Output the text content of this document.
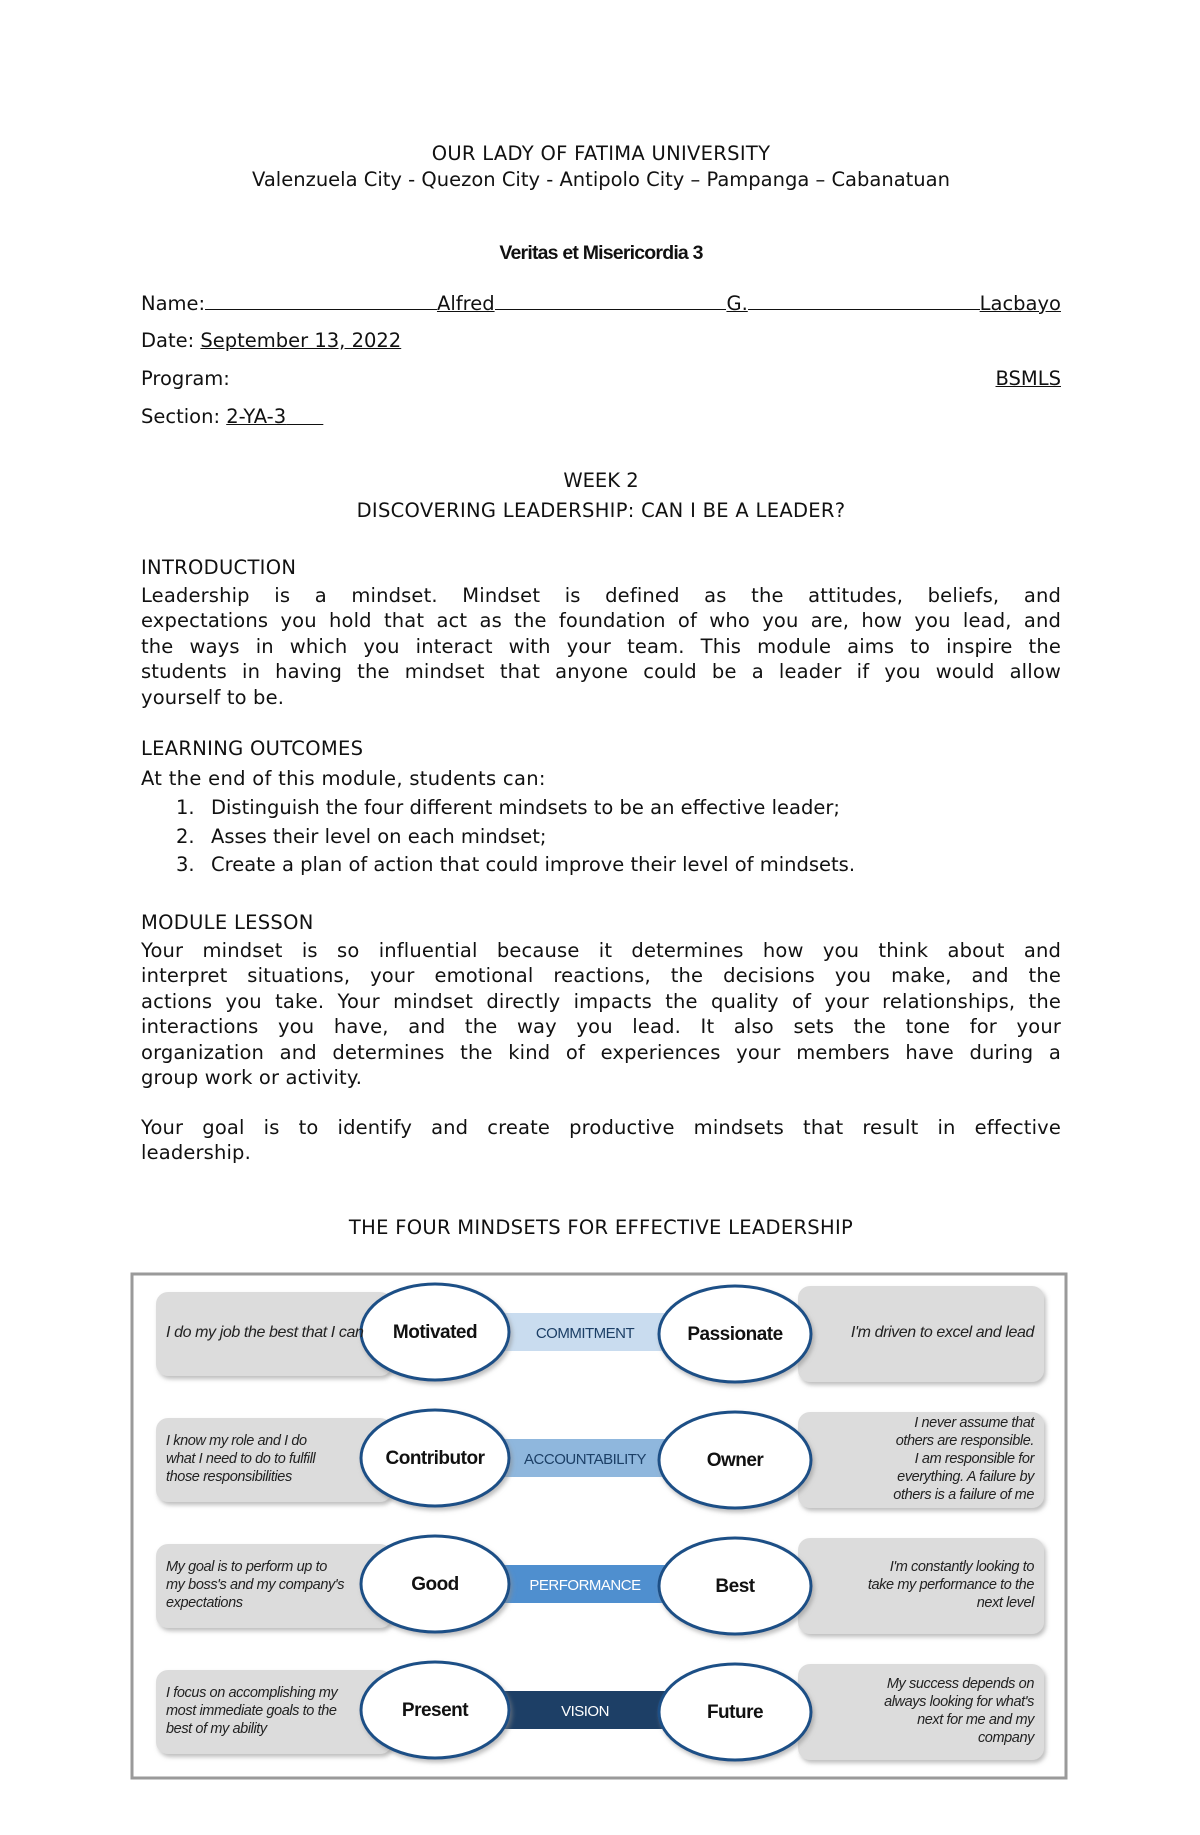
OUR LADY OF FATIMA UNIVERSITY
Valenzuela City - Quezon City - Antipolo City – Pampanga – Cabanatuan
Veritas et Misericordia 3
Name:	Alfred	G.	Lacbayo
Date: September 13, 2022
Program:	BSMLS
Section: 2-YA-3
WEEK 2
DISCOVERING LEADERSHIP: CAN I BE A LEADER?
INTRODUCTION
Leadership is a mindset. Mindset is defined as the attitudes, beliefs, and
expectations you hold that act as the foundation of who you are, how you lead, and
the ways in which you interact with your team. This module aims to inspire the
students in having the mindset that anyone could be a leader if you would allow
yourself to be.
LEARNING OUTCOMES
At the end of this module, students can:
1. Distinguish the four different mindsets to be an effective leader;
2. Asses their level on each mindset;
3. Create a plan of action that could improve their level of mindsets.
MODULE LESSON
Your mindset is so influential because it determines how you think about and
interpret situations, your emotional reactions, the decisions you make, and the
actions you take. Your mindset directly impacts the quality of your relationships, the
interactions you have, and the way you lead. It also sets the tone for your
organization and determines the kind of experiences your members have during a
group work or activity.
Your goal is to identify and create productive mindsets that result in effective
leadership.
THE FOUR MINDSETS FOR EFFECTIVE LEADERSHIP
COMMITMENT
Motivated	Passionate
I do my job the best that I can	I'm driven to excel and lead
ACCOUNTABILITY
Contributor	Owner
I know my role and I do
what I need to do to fulfill
those responsibilities
I never assume that
others are responsible.
I am responsible for
everything. A failure by
others is a failure of me
PERFORMANCE
Good	Best
My goal is to perform up to
my boss's and my company's
expectations
I'm constantly looking to
take my performance to the
next level
VISION
Present	Future
I focus on accomplishing my
most immediate goals to the
best of my ability
My success depends on
always looking for what's
next for me and my
company
